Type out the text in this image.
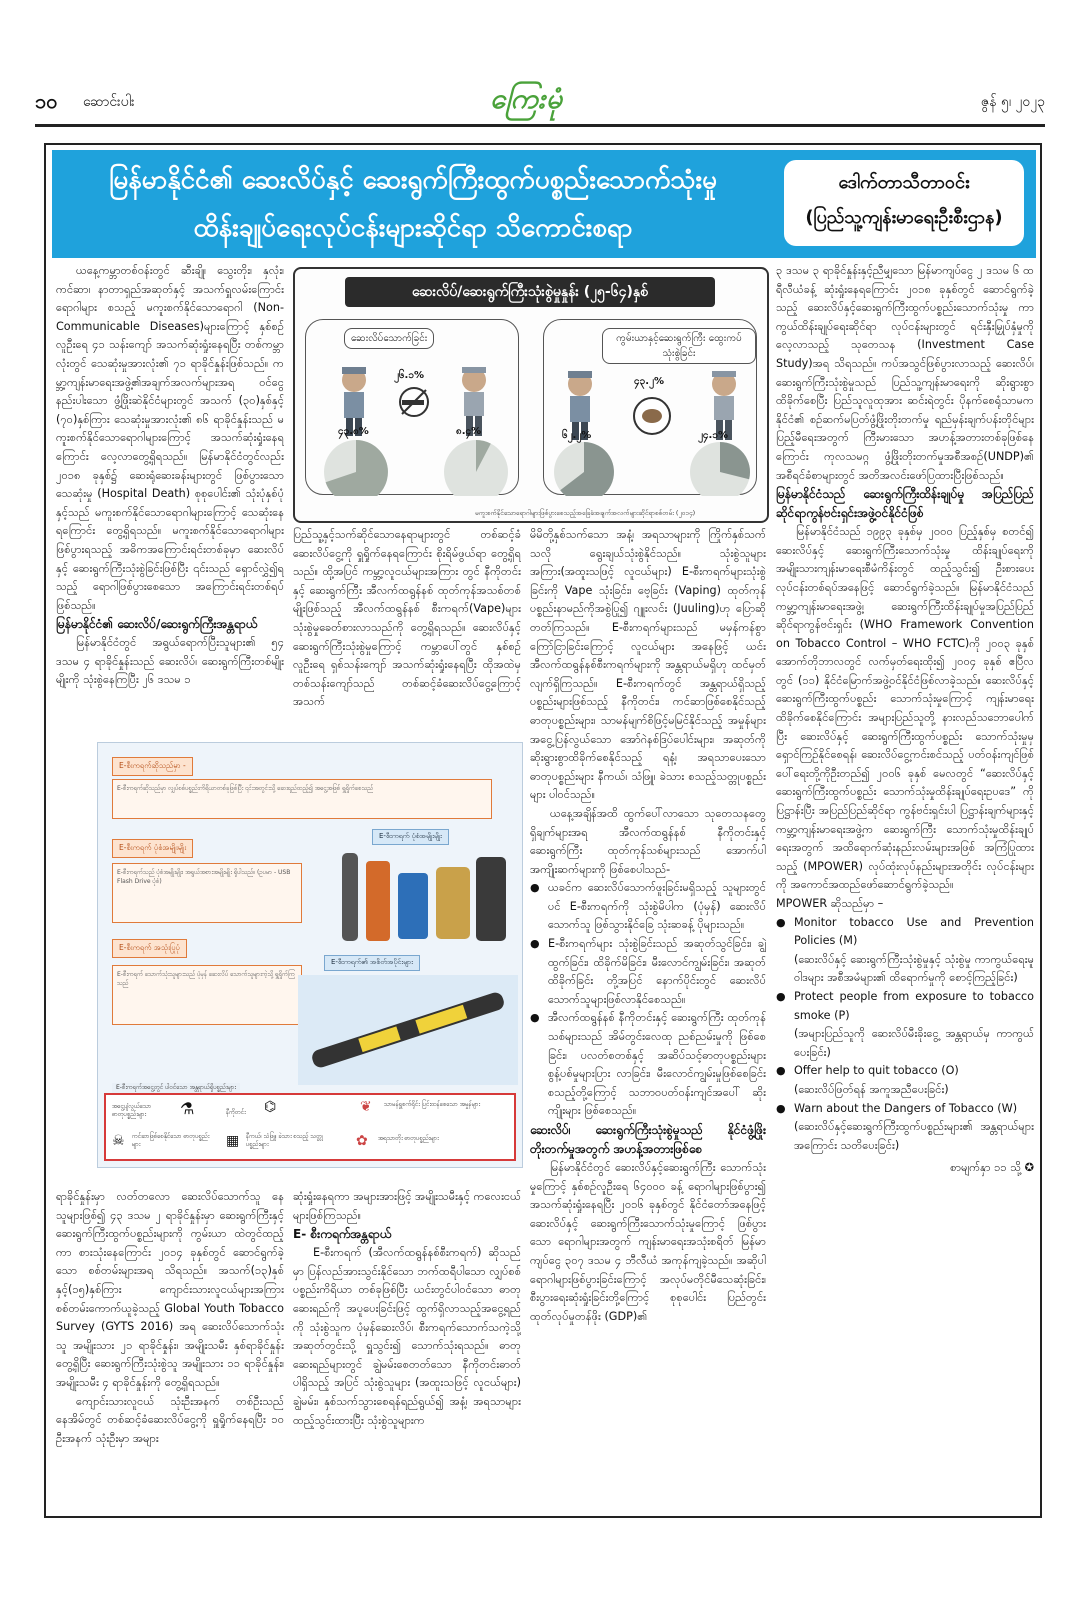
၁၀ ဆောင်းပါး	ကြေးမုံ	ဇွန် ၅၊ ၂၀၂၃
မြန်မာနိုင်ငံ၏ ဆေးလိပ်နှင့် ဆေးရွက်ကြီးထွက်ပစ္စည်းသောက်သုံးမှု
ထိန်းချုပ်ရေးလုပ်ငန်းများဆိုင်ရာ သိကောင်းစရာ
ဒေါက်တာသီတာဝင်း
(ပြည်သူ့ကျန်းမာရေးဦးစီးဌာန)

ယနေ့ကမ္ဘာတစ်ဝန်းတွင် ဆီးချို၊ သွေးတိုး၊ နှလုံး၊ ကင်ဆာ၊ နာတာရှည်အဆုတ်နှင့် အသက်ရှူလမ်းကြောင်းရောဂါများ စသည့် မကူးစက်နိုင်သောရောဂါ (Non-Communicable Diseases)များကြောင့် နှစ်စဉ်လူဦးရေ ၄၁ သန်းကျော် အသက်ဆုံးရှုံးနေရပြီး တစ်ကမ္ဘာလုံးတွင် သေဆုံးမှုအားလုံး၏ ၇၁ ရာခိုင်နှုန်းဖြစ်သည်။ ကမ္ဘာ့ကျန်းမာရေးအဖွဲ့၏အချက်အလက်များအရ ဝင်ငွေနည်းပါးသော ဖွံ့ဖြိုးဆဲနိုင်ငံများတွင် အသက် (၃၀)နှစ်နှင့် (၇၀)နှစ်ကြား သေဆုံးမှုအားလုံး၏ ၈၆ ရာခိုင်နှုန်းသည် မကူးစက်နိုင်သောရောဂါများကြောင့် အသက်ဆုံးရှုံးနေရကြောင်း လေ့လာတွေ့ရှိရသည်။ မြန်မာနိုင်ငံတွင်လည်း ၂၀၁၈ ခုနှစ်၌ ဆေးရုံဆေးခန်းများတွင် ဖြစ်ပွားသော သေဆုံးမှု (Hospital Death) စုစုပေါင်း၏ သုံးပုံနှစ်ပုံနှင့်သည် မကူးစက်နိုင်သောရောဂါများကြောင့် သေဆုံးနေရကြောင်း တွေ့ရှိရသည်။ မကူးစက်နိုင်သောရောဂါများ ဖြစ်ပွားရသည့် အဓိကအကြောင်းရင်းတစ်ခုမှာ ဆေးလိပ်နှင့် ဆေးရွက်ကြီးသုံးစွဲခြင်းဖြစ်ပြီး ၎င်းသည် ရှောင်လွှဲ၍ရသည့် ရောဂါဖြစ်ပွားစေသော အကြောင်းရင်းတစ်ရပ်ဖြစ်သည်။

မြန်မာနိုင်ငံ၏ ဆေးလိပ်/ဆေးရွက်ကြီးအန္တရာယ်

မြန်မာနိုင်ငံတွင် အရွယ်ရောက်ပြီးသူများ၏ ၅၄ ဒသမ ၄ ရာခိုင်နှုန်းသည် ဆေးလိပ်၊ ဆေးရွက်ကြီးတစ်မျိုးမျိုးကို သုံးစွဲနေကြပြီး ၂၆ ဒသမ ၁

ဆေးလိပ်/ဆေးရွက်ကြီးသုံးစွဲမှုနှုန်း (၂၅-၆၄)နှစ်
ဆေးလိပ်သောက်ခြင်း
၂၆.၁%
၄၃.၈%	၈.၄%
ကွမ်းယာနှင့်ဆေးရွက်ကြီး ထွေးကပ်သုံးစွဲခြင်း
၄၃.၂%
၆၂.၂%	၂၄.၁%
မကူးစက်နိုင်သောရောဂါများဖြစ်ပွားစေသည့်အခြေခံအချက်အလက်များဆိုင်ရာစစ်တမ်း (၂၀၁၄)

ပြည်သူ့နှင့်သက်ဆိုင်သောနေရာများတွင် တစ်ဆင့်ခံ ဆေးလိပ်ငွေ့ကို ရှူရှိုက်နေရကြောင်း စိုးရိမ်ဖွယ်ရာ တွေ့ရှိရသည်။ ထို့အပြင် ကမ္ဘာ့လူငယ်များအကြား တွင် နီကိုတင်းနှင့် ဆေးရွက်ကြီး အီလက်ထရွန်နစ် ထုတ်ကုန်အသစ်တစ်မျိုးဖြစ်သည့် အီလက်ထရွန်နစ် စီးကရက်(Vape)များ သုံးစွဲမှုခေတ်စားလာသည်ကို တွေ့ရှိရသည်။ ဆေးလိပ်နှင့် ဆေးရွက်ကြီးသုံးစွဲမှုကြောင့် ကမ္ဘာပေါ်တွင် နှစ်စဉ်လူဦးရေ ရှစ်သန်းကျော် အသက်ဆုံးရှုံးနေရပြီး ထိုအထဲမှ တစ်သန်းကျော်သည် တစ်ဆင့်ခံဆေးလိပ်ငွေ့ကြောင့် အသက်

မိမိတို့နှစ်သက်သော အနံ့၊ အရသာများကို ကြိုက်နှစ်သက်သလို ရွေးချယ်သုံးစွဲနိုင်သည်။ သုံးစွဲသူများအကြား(အထူးသဖြင့် လူငယ်များ) E-စီးကရက်များသုံးစွဲခြင်းကို Vape သုံးခြင်း၊ ဗေ့ခြင်း (Vaping) ထုတ်ကုန်ပစ္စည်းနာမည်ကိုအစွဲပြု၍ ဂျူးလင်း (Juuling)ဟု ပြောဆိုတတ်ကြသည်။ E-စီးကရက်များသည် မမှန်ကန်စွာ ကြော်ငြာခြင်းကြောင့် လူငယ်များ အနေဖြင့် ယင်းအီလက်ထရွန်နစ်စီးကရက်များကို အန္တရာယ်မရှိဟု ထင်မှတ်လျက်ရှိကြသည်။ E-စီးကရက်တွင် အန္တရာယ်ရှိသည့် ပစ္စည်းများဖြစ်သည့် နီကိုတင်း၊ ကင်ဆာဖြစ်စေနိုင်သည့် ဓာတုပစ္စည်းများ၊ သာမန်မျက်စိဖြင့်မမြင်နိုင်သည့် အမှုန်များ အငွေ့ပြန်လွယ်သော အော်ဂဲနစ်ဒြပ်ပေါင်းများ၊ အဆုတ်ကို ဆိုးရွားစွာထိခိုက်စေနိုင်သည့် ရနံ့၊ အရသာပေးသော ဓာတုပစ္စည်းများ နီကယ်၊ သံဖြူ၊ ခဲသား စသည့်သတ္တုပစ္စည်းများ ပါဝင်သည်။

ယနေ့အချိန်အထိ ထွက်ပေါ်လာသော သုတေသနတွေ့ရှိချက်များအရ အီလက်ထရွန်နစ် နီကိုတင်းနှင့် ဆေးရွက်ကြီး ထုတ်ကုန်သစ်များသည် အောက်ပါအကျိုးဆက်များကို ဖြစ်စေပါသည်-

● ယခင်က ဆေးလိပ်သောက်ဖူးခြင်းမရှိသည့် သူများတွင်ပင် E-စီးကရက်ကို သုံးစွဲမိပါက (ပုံမှန်) ဆေးလိပ်သောက်သူ ဖြစ်သွားနိုင်ခြေ သုံးဆခန့် ပိုများသည်။
● E-စီးကရက်များ သုံးစွဲခြင်းသည် အဆုတ်သွင်ခြင်း၊ ချွဲထွက်ခြင်း၊ ထိခိုက်မိခြင်း၊ မီးလောင်ကျွမ်းခြင်း၊ အဆုတ်ထိခိုက်ခြင်း တို့အပြင် နောက်ပိုင်းတွင် ဆေးလိပ်သောက်သူများဖြစ်လာနိုင်စေသည်။
● အီလက်ထရွန်နစ် နီကိုတင်းနှင့် ဆေးရွက်ကြီး ထုတ်ကုန်သစ်များသည် အိမ်တွင်းလေထု ညစ်ညမ်းမှုကို ဖြစ်စေခြင်း၊ ပလတ်စတစ်နှင့် အဆိပ်သင့်ဓာတုပစ္စည်းများ စွန့်ပစ်မှုများပြား လာခြင်း၊ မီးလောင်ကျွမ်းမှုဖြစ်စေခြင်း စသည့်တို့ကြောင့် သဘာဝပတ်ဝန်းကျင်အပေါ် ဆိုးကျိုးများ ဖြစ်စေသည်။
ဆေးလိပ်၊ ဆေးရွက်ကြီးသုံးစွဲမှုသည် နိုင်ငံဖွံ့ဖြိုးတိုးတက်မှုအတွက် အဟန့်အတားဖြစ်စေ

မြန်မာနိုင်ငံတွင် ဆေးလိပ်နှင့်ဆေးရွက်ကြီး သောက်သုံးမှုကြောင့် နှစ်စဉ်လူဦးရေ ၆၄၀၀၀ ခန့် ရောဂါများဖြစ်ပွား၍ အသက်ဆုံးရှုံးနေရပြီး ၂၀၁၆ ခုနှစ်တွင် နိုင်ငံတော်အနေဖြင့် ဆေးလိပ်နှင့် ဆေးရွက်ကြီးသောက်သုံးမှုကြောင့် ဖြစ်ပွားသော ရောဂါများအတွက် ကျန်းမာရေးအသုံးစရိတ် မြန်မာကျပ်ငွေ ၃၀၇ ဒသမ ၄ ဘီလီယံ အကုန်ကျခဲ့သည်။ အဆိုပါရောဂါများဖြစ်ပွားခြင်းကြောင့် အလုပ်မတိုင်မီသေဆုံးခြင်း၊ စီးပွားရေးဆုံးရှုံးခြင်းတို့ကြောင့် စုစုပေါင်း ပြည်တွင်းထုတ်လုပ်မှုတန်ဖိုး (GDP)၏

၃ ဒသမ ၃ ရာခိုင်နှုန်းနှင့်ညီမျှသော မြန်မာကျပ်ငွေ ၂ ဒသမ ၆ ထရီလီယံခန့် ဆုံးရှုံးနေရကြောင်း ၂၀၁၈ ခုနှစ်တွင် ဆောင်ရွက်ခဲ့သည့် ဆေးလိပ်နှင့်ဆေးရွက်ကြီးထွက်ပစ္စည်းသောက်သုံးမှု ကာကွယ်ထိန်းချုပ်ရေးဆိုင်ရာ လုပ်ငန်းများတွင် ရင်းနှီးမြှုပ်နှံမှုကို လေ့လာသည့် သုတေသန (Investment Case Study)အရ သိရသည်။ ကပ်အသွင်ဖြစ်ပွားလာသည့် ဆေးလိပ်၊ ဆေးရွက်ကြီးသုံးစွဲမှုသည် ပြည်သူ့ကျန်းမာရေးကို ဆိုးရွားစွာထိခိုက်စေပြီး ပြည်သူလူထုအား ဆင်းရဲတွင်း ပိုနက်စေရုံသာမက နိုင်ငံ၏ စဉ်ဆက်မပြတ်ဖွံ့ဖြိုးတိုးတက်မှု ရည်မှန်းချက်ပန်းတိုင်များ ပြည့်မီရေးအတွက် ကြီးမားသော အဟန့်အတားတစ်ခုဖြစ်နေကြောင်း ကုလသမဂ္ဂ ဖွံ့ဖြိုးတိုးတက်မှုအစီအစဉ်(UNDP)၏ အစီရင်ခံစာများတွင် အတိအလင်းဖော်ပြထားပြီးဖြစ်သည်။

မြန်မာနိုင်ငံသည် ဆေးရွက်ကြီးထိန်းချုပ်မှု အပြည်ပြည်ဆိုင်ရာကွန်ဗင်းရှင်းအဖွဲ့ဝင်နိုင်ငံဖြစ်

မြန်မာနိုင်ငံသည် ၁၉၉၃ ခုနှစ်မှ ၂၀၀၀ ပြည့်နှစ်မှ စတင်၍ ဆေးလိပ်နှင့် ဆေးရွက်ကြီးသောက်သုံးမှု ထိန်းချုပ်ရေးကို အမျိုးသားကျန်းမာရေးစီမံကိန်းတွင် ထည့်သွင်း၍ ဦးစားပေးလုပ်ငန်းတစ်ရပ်အနေဖြင့် ဆောင်ရွက်ခဲ့သည်။ မြန်မာနိုင်ငံသည် ကမ္ဘာ့ကျန်းမာရေးအဖွဲ့၊ ဆေးရွက်ကြီးထိန်းချုပ်မှုအပြည်ပြည်ဆိုင်ရာကွန်ဗင်းရှင်း (WHO Framework Convention on Tobacco Control – WHO FCTC)ကို ၂၀၀၃ ခုနှစ် အောက်တိုဘာလတွင် လက်မှတ်ရေးထိုး၍ ၂၀၀၄ ခုနှစ် ဧပြီလတွင် (၁၁) နိုင်ငံမြောက်အဖွဲ့ဝင်နိုင်ငံဖြစ်လာခဲ့သည်။ ဆေးလိပ်နှင့် ဆေးရွက်ကြီးထွက်ပစ္စည်း သောက်သုံးမှုကြောင့် ကျန်းမာရေးထိခိုက်စေနိုင်ကြောင်း အများပြည်သူတို့ နားလည်သဘောပေါက်ပြီး ဆေးလိပ်နှင့် ဆေးရွက်ကြီးထွက်ပစ္စည်း သောက်သုံးမှုမှရှောင်ကြဉ်နိုင်စေရန်၊ ဆေးလိပ်ငွေ့ကင်းစင်သည့် ပတ်ဝန်းကျင်ဖြစ်ပေါ်ရေးတို့ကိုဦးတည်၍ ၂၀၀၆ ခုနှစ် မေလတွင် “ဆေးလိပ်နှင့် ဆေးရွက်ကြီးထွက်ပစ္စည်း သောက်သုံးမှုထိန်းချုပ်ရေးဥပဒေ” ကို ပြဋ္ဌာန်းပြီး အပြည်ပြည်ဆိုင်ရာ ကွန်ဗင်းရှင်းပါ ပြဋ္ဌာန်းချက်များနှင့် ကမ္ဘာ့ကျန်းမာရေးအဖွဲ့က ဆေးရွက်ကြီး သောက်သုံးမှုထိန်းချုပ်ရေးအတွက် အထိရောက်ဆုံးနည်းလမ်းများအဖြစ် အကြံပြုထားသည့် (MPOWER) လုပ်ထုံးလုပ်နည်းများအတိုင်း လုပ်ငန်းများကို အကောင်အထည်ဖော်ဆောင်ရွက်ခဲ့သည်။

MPOWER ဆိုသည်မှာ –

● Monitor tobacco Use and Prevention Policies (M)
(ဆေးလိပ်နှင့် ဆေးရွက်ကြီးသုံးစွဲမှုနှင့် သုံးစွဲမှု ကာကွယ်ရေးမူဝါဒများ အစီအမံများ၏ ထိရောက်မှုကို စောင့်ကြည့်ခြင်း)
● Protect people from exposure to tobacco smoke (P)
(အများပြည်သူကို ဆေးလိပ်မီးခိုးငွေ့ အန္တရာယ်မှ ကာကွယ်ပေးခြင်း)
● Offer help to quit tobacco (O)
(ဆေးလိပ်ဖြတ်ရန် အကူအညီပေးခြင်း)
● Warn about the Dangers of Tobacco (W)
(ဆေးလိပ်နှင့်ဆေးရွက်ကြီးထွက်ပစ္စည်းများ၏ အန္တရာယ်များအကြောင်း သတိပေးခြင်း)
စာမျက်နှာ ၁၁ သို့ ✪
E-စီးကရက်ဆိုသည်မှာ -
E-စီးကရက်ဆိုသည်မှာ လျှပ်စစ်ပစ္စည်းကိရိယာတစ်ခုဖြစ်ပြီး ၎င်းအတွင်းသို့ ဆေးရည်ထည့်၍ အငွေ့အဖြစ် ရှူရှိုက်စေသည်
E-စီးကရက် ပုံစံအမျိုးမျိုး
E-စီးကရက်သည် ပုံစံအမျိုးမျိုး၊ အရွယ်အစားအမျိုးမျိုး ရှိပါသည်။ (ဥပမာ - USB Flash Drive ပုံစံ)
E-စီးကရက် အသုံးပြုပုံ
E-စီးကရက် သောက်သုံးသူများသည် ပုံမှန် ဆေးလိပ် သောက်သူများကဲ့သို့ ရှူရှိုက်ကြသည်
E-စီးကရက် ပုံစံအမျိုးမျိုး
E-စီးကရက်၏ အစိတ်အပိုင်းများ
E-စီးကရက်အငွေ့တွင် ပါဝင်သော အန္တရာယ်ရှိပစ္စည်းများ
⚗
အငွေ့ပျံလွယ်သော ဓာတုပစ္စည်းများ	⌬
နီကိုတင်း	❦ သာမန်ရှူစက်ရိုင်း ပြင်းထန်စေသော အမှုန်များ
☠ ကင်ဆာဖြစ်စေနိုင်သော ဓာတုပစ္စည်းများ	▦ နီကယ်၊ သံဖြူ၊ ခဲသား စသည့် သတ္တုပစ္စည်းများ	✿ အရသာတိုး ဓာတုပစ္စည်းများ

ရာခိုင်နှုန်းမှာ လတ်တလော ဆေးလိပ်သောက်သူ နေသူများဖြစ်၍ ၄၃ ဒသမ ၂ ရာခိုင်နှုန်းမှာ ဆေးရွက်ကြီးနှင့် ဆေးရွက်ကြီးထွက်ပစ္စည်းများကို ကွမ်းယာ ထဲတွင်ထည့်ကာ စားသုံးနေကြောင်း ၂၀၁၄ ခုနှစ်တွင် ဆောင်ရွက်ခဲ့သော စစ်တမ်းများအရ သိရသည်။ အသက်(၁၃)နှစ်နှင့်(၁၅)နှစ်ကြား ကျောင်းသားလူငယ်များအကြား စစ်တမ်းကောက်ယူခဲ့သည့် Global Youth Tobacco Survey (GYTS 2016) အရ ဆေးလိပ်သောက်သုံးသူ အမျိုးသား ၂၁ ရာခိုင်နှုန်း၊ အမျိုးသမီး နှစ်ရာခိုင်နှုန်းတွေ့ရှိပြီး ဆေးရွက်ကြီးသုံးစွဲသူ အမျိုးသား ၁၁ ရာခိုင်နှုန်း၊ အမျိုးသမီး ၄ ရာခိုင်နှုန်းကို တွေ့ရှိရသည်။

ကျောင်းသားလူငယ် သုံးဦးအနက် တစ်ဦးသည် နေအိမ်တွင် တစ်ဆင့်ခံဆေးလိပ်ငွေ့ကို ရှူရှိုက်နေရပြီး ၁၀ ဦးအနက် သုံးဦးမှာ အများ

ဆုံးရှုံးနေရကာ အများအားဖြင့် အမျိုးသမီးနှင့် ကလေးငယ်များဖြစ်ကြသည်။

E- စီးကရက်အန္တရာယ်

E-စီးကရက် (အီလက်ထရွန်နစ်စီးကရက်) ဆိုသည်မှာ ပြန်လည်အားသွင်းနိုင်သော ဘက်ထရီပါသော လျှပ်စစ်ပစ္စည်းကိရိယာ တစ်ခုဖြစ်ပြီး ယင်းတွင်ပါဝင်သော ဓာတုဆေးရည်ကို အပူပေးခြင်းဖြင့် ထွက်ရှိလာသည့်အငွေ့ရည်ကို သုံးစွဲသူက ပုံမှန်ဆေးလိပ်၊ စီးကရက်သောက်သကဲ့သို့ အဆုတ်တွင်းသို့ ရှူသွင်း၍ သောက်သုံးရသည်။ ဓာတုဆေးရည်များတွင် ချွဲမမ်းစေတတ်သော နီကိုတင်းဓာတ်ပါရှိသည့် အပြင် သုံးစွဲသူများ (အထူးသဖြင့် လူငယ်များ) ချွဲမမ်း၊ နှစ်သက်သွားစေရန်ရည်ရွယ်၍ အနံ့၊ အရသာများ ထည့်သွင်းထားပြီး သုံးစွဲသူများက
